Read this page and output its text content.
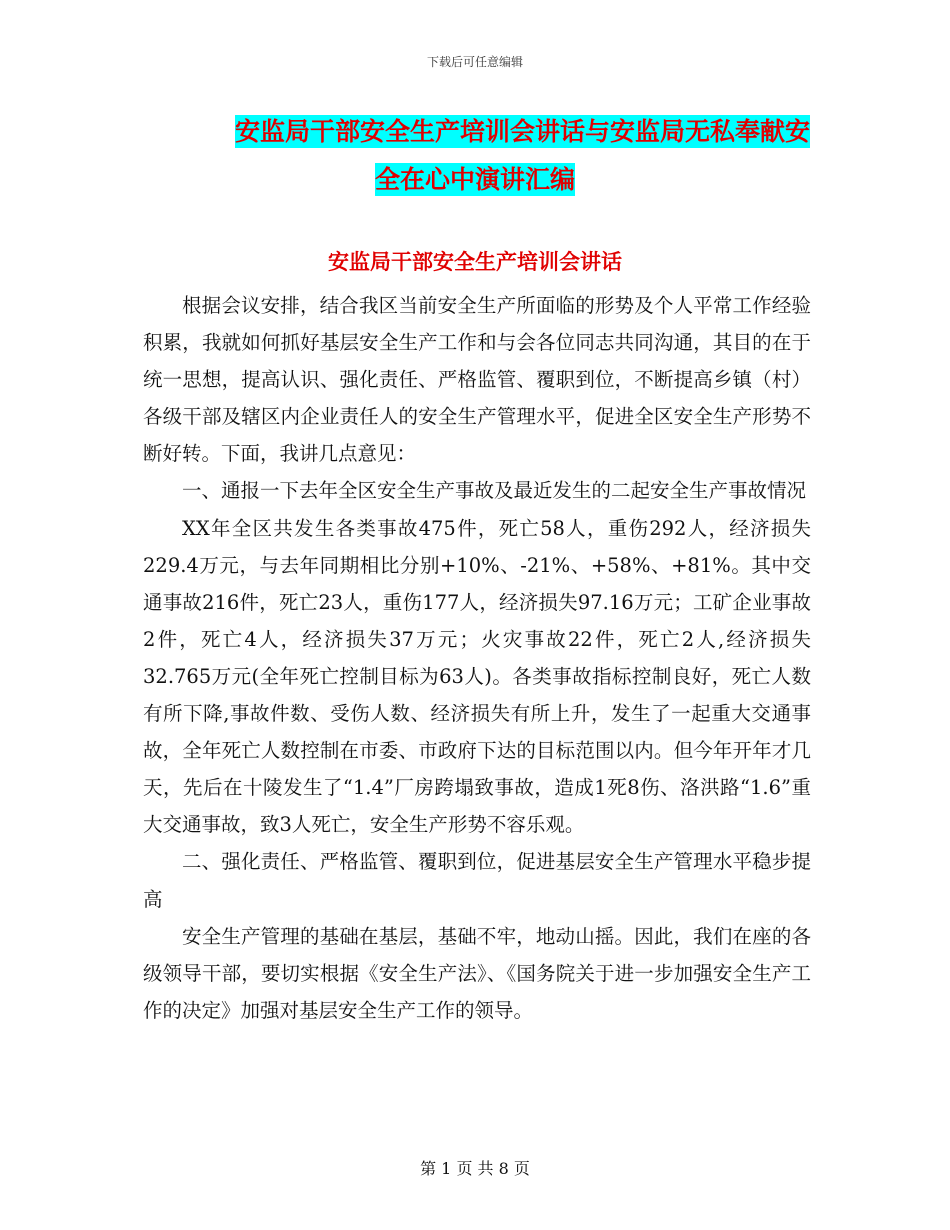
下载后可任意编辑
安监局干部安全生产培训会讲话与安监局无私奉献安
全在心中演讲汇编
安监局干部安全生产培训会讲话

根据会议安排，结合我区当前安全生产所面临的形势及个人平常工作经验积累，我就如何抓好基层安全生产工作和与会各位同志共同沟通，其目的在于统一思想，提高认识、强化责任、严格监管、覆职到位，不断提高乡镇（村）各级干部及辖区内企业责任人的安全生产管理水平，促进全区安全生产形势不断好转。下面，我讲几点意见：

一、通报一下去年全区安全生产事故及最近发生的二起安全生产事故情况

XX年全区共发生各类事故475件，死亡58人，重伤292人，经济损失229.4万元，与去年同期相比分别+10%、-21%、+58%、+81%。其中交通事故216件，死亡23人，重伤177人，经济损失97.16万元；工矿企业事故2件，死亡4人，经济损失37万元；火灾事故22件，死亡2人,经济损失32.765万元(全年死亡控制目标为63人)。各类事故指标控制良好，死亡人数有所下降,事故件数、受伤人数、经济损失有所上升，发生了一起重大交通事故，全年死亡人数控制在市委、市政府下达的目标范围以内。但今年开年才几天，先后在十陵发生了“1.4”厂房跨塌致事故，造成1死8伤、洛洪路“1.6”重大交通事故，致3人死亡，安全生产形势不容乐观。

二、强化责任、严格监管、覆职到位，促进基层安全生产管理水平稳步提高

安全生产管理的基础在基层，基础不牢，地动山摇。因此，我们在座的各级领导干部，要切实根据《安全生产法》、《国务院关于进一步加强安全生产工作的决定》加强对基层安全生产工作的领导。

第 1 页 共 8 页
